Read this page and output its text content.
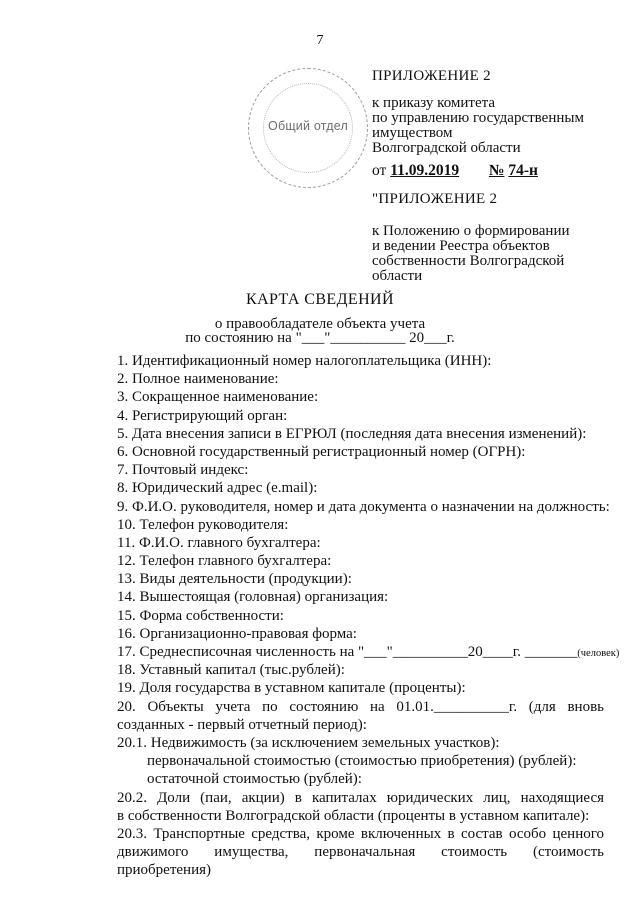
7
Общий отдел
ПРИЛОЖЕНИЕ 2
к приказу комитета
по управлению государственным
имуществом
Волгоградской области
от 11.09.2019 № 74-н
"ПРИЛОЖЕНИЕ 2
к Положению о формировании
и ведении Реестра объектов
собственности Волгоградской
области
КАРТА СВЕДЕНИЙ
о правообладателе объекта учета
по состоянию на "___"__________ 20___г.
1. Идентификационный номер налогоплательщика (ИНН):
2. Полное наименование:
3. Сокращенное наименование:
4. Регистрирующий орган:
5. Дата внесения записи в ЕГРЮЛ (последняя дата внесения изменений):
6. Основной государственный регистрационный номер (ОГРН):
7. Почтовый индекс:
8. Юридический адрес (e.mail):
9. Ф.И.О. руководителя, номер и дата документа о назначении на должность:
10. Телефон руководителя:
11. Ф.И.О. главного бухгалтера:
12. Телефон главного бухгалтера:
13. Виды деятельности (продукции):
14. Вышестоящая (головная) организация:
15. Форма собственности:
16. Организационно-правовая форма:
17. Среднесписочная численность на "___"__________20____г. _______(человек)
18. Уставный капитал (тыс.рублей):
19. Доля государства в уставном капитале (проценты):
20. Объекты учета по состоянию на 01.01.__________г. (для вновь
созданных - первый отчетный период):
20.1. Недвижимость (за исключением земельных участков):
первоначальной стоимостью (стоимостью приобретения) (рублей):
остаточной стоимостью (рублей):
20.2. Доли (паи, акции) в капиталах юридических лиц, находящиеся
в собственности Волгоградской области (проценты в уставном капитале):
20.3. Транспортные средства, кроме включенных в состав особо ценного
движимого имущества, первоначальная стоимость (стоимость приобретения)
